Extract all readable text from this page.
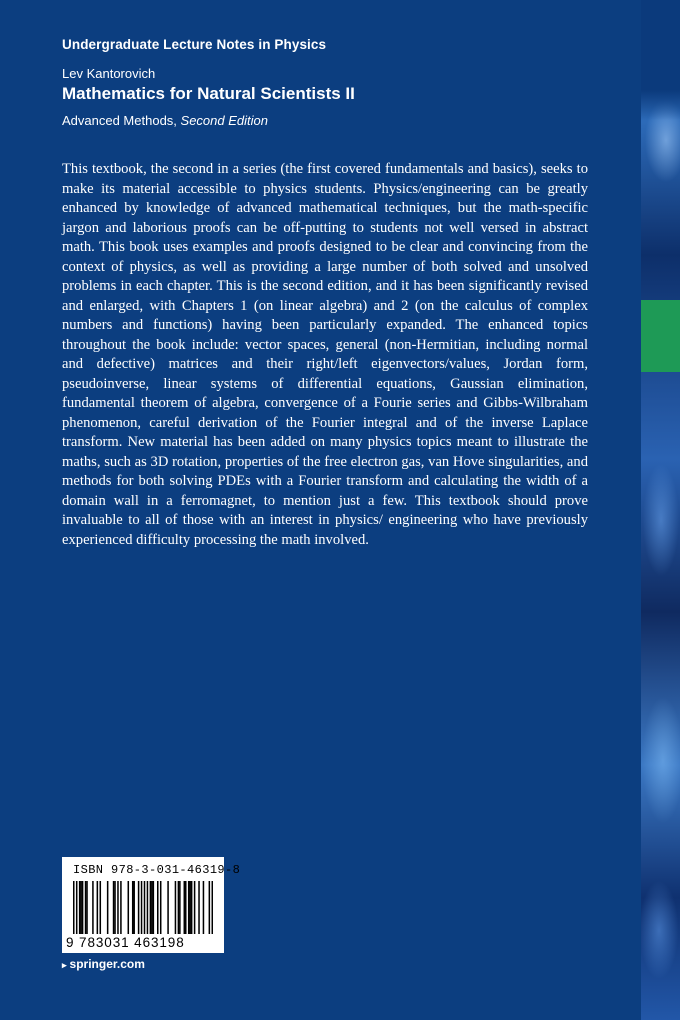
Undergraduate Lecture Notes in Physics
Lev Kantorovich
Mathematics for Natural Scientists II
Advanced Methods, Second Edition

This textbook, the second in a series (the first covered fundamentals and basics), seeks to make its material accessible to physics students. Physics/engineering can be greatly enhanced by knowledge of advanced mathematical techniques, but the math-specific jargon and laborious proofs can be off-putting to students not well versed in abstract math. This book uses examples and proofs designed to be clear and convincing from the context of physics, as well as providing a large number of both solved and unsolved problems in each chapter. This is the second edition, and it has been significantly revised and enlarged, with Chapters 1 (on linear algebra) and 2 (on the calculus of complex numbers and functions) having been particularly expanded. The enhanced topics throughout the book include: vector spaces, general (non-Hermitian, including normal and defective) matrices and their right/left eigenvectors/values, Jordan form, pseudoinverse, linear systems of differential equations, Gaussian elimination, fundamental theorem of algebra, convergence of a Fourie series and Gibbs-Wilbraham phenomenon, careful derivation of the Fourier integral and of the inverse Laplace transform. New material has been added on many physics topics meant to illustrate the maths, such as 3D rotation, properties of the free electron gas, van Hove singularities, and methods for both solving PDEs with a Fourier transform and calculating the width of a domain wall in a ferromagnet, to mention just a few. This textbook should prove invaluable to all of those with an interest in physics/ engineering who have previously experienced difficulty processing the math involved.

ISBN 978-3-031-46319-8
9 783031 463198
▸ springer.com
